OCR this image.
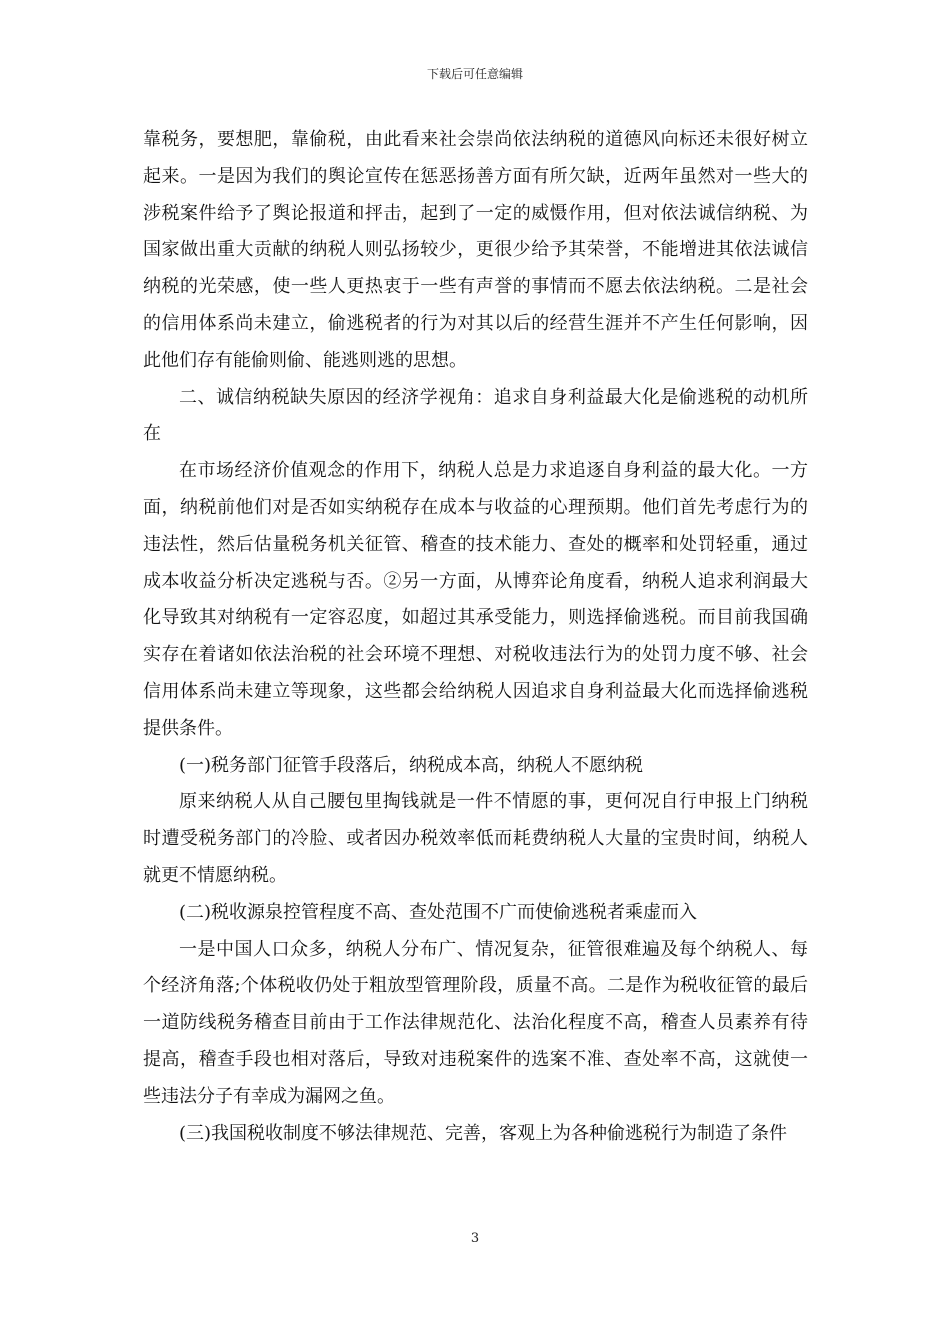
下载后可任意编辑

靠税务，要想肥，靠偷税，由此看来社会崇尚依法纳税的道德风向标还未很好树立起来。一是因为我们的舆论宣传在惩恶扬善方面有所欠缺，近两年虽然对一些大的涉税案件给予了舆论报道和抨击，起到了一定的威慑作用，但对依法诚信纳税、为国家做出重大贡献的纳税人则弘扬较少，更很少给予其荣誉，不能增进其依法诚信纳税的光荣感，使一些人更热衷于一些有声誉的事情而不愿去依法纳税。二是社会的信用体系尚未建立，偷逃税者的行为对其以后的经营生涯并不产生任何影响，因此他们存有能偷则偷、能逃则逃的思想。

二、诚信纳税缺失原因的经济学视角：追求自身利益最大化是偷逃税的动机所在

在市场经济价值观念的作用下，纳税人总是力求追逐自身利益的最大化。一方面，纳税前他们对是否如实纳税存在成本与收益的心理预期。他们首先考虑行为的违法性，然后估量税务机关征管、稽查的技术能力、查处的概率和处罚轻重，通过成本收益分析决定逃税与否。②另一方面，从博弈论角度看，纳税人追求利润最大化导致其对纳税有一定容忍度，如超过其承受能力，则选择偷逃税。而目前我国确实存在着诸如依法治税的社会环境不理想、对税收违法行为的处罚力度不够、社会信用体系尚未建立等现象，这些都会给纳税人因追求自身利益最大化而选择偷逃税提供条件。

(一)税务部门征管手段落后，纳税成本高，纳税人不愿纳税

原来纳税人从自己腰包里掏钱就是一件不情愿的事，更何况自行申报上门纳税时遭受税务部门的冷脸、或者因办税效率低而耗费纳税人大量的宝贵时间，纳税人就更不情愿纳税。

(二)税收源泉控管程度不高、查处范围不广而使偷逃税者乘虚而入

一是中国人口众多，纳税人分布广、情况复杂，征管很难遍及每个纳税人、每个经济角落;个体税收仍处于粗放型管理阶段，质量不高。二是作为税收征管的最后一道防线税务稽查目前由于工作法律规范化、法治化程度不高，稽查人员素养有待提高，稽查手段也相对落后，导致对违税案件的选案不准、查处率不高，这就使一些违法分子有幸成为漏网之鱼。

(三)我国税收制度不够法律规范、完善，客观上为各种偷逃税行为制造了条件

3
